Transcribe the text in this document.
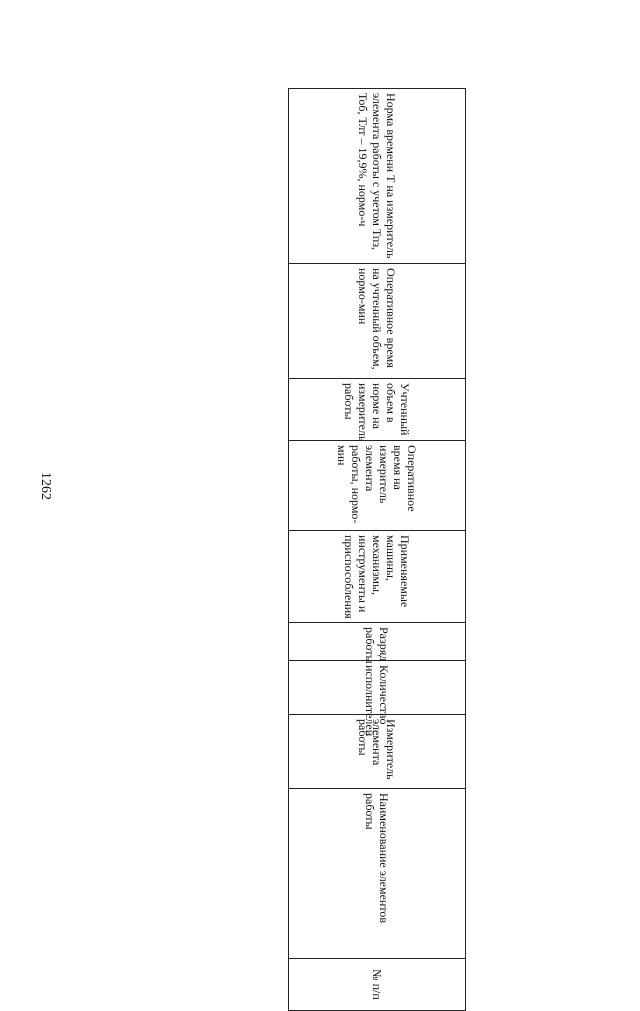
1262
Норма времени Т на измеритель элемента работы с учетом Тпз, Тоб, Тлт – 19,9%, нормо-ч	Оперативное время на учтенный объем, нормо-мин	Учтенный объем в норме на измеритель работы	Оперативное время на измеритель элемента работы, нормо-мин	Применяемые машины, механизмы, инструменты и приспособления	Разряд работы	Количество исполнителей	Измеритель элемента работы	Наименование элементов работы	№ п/п
